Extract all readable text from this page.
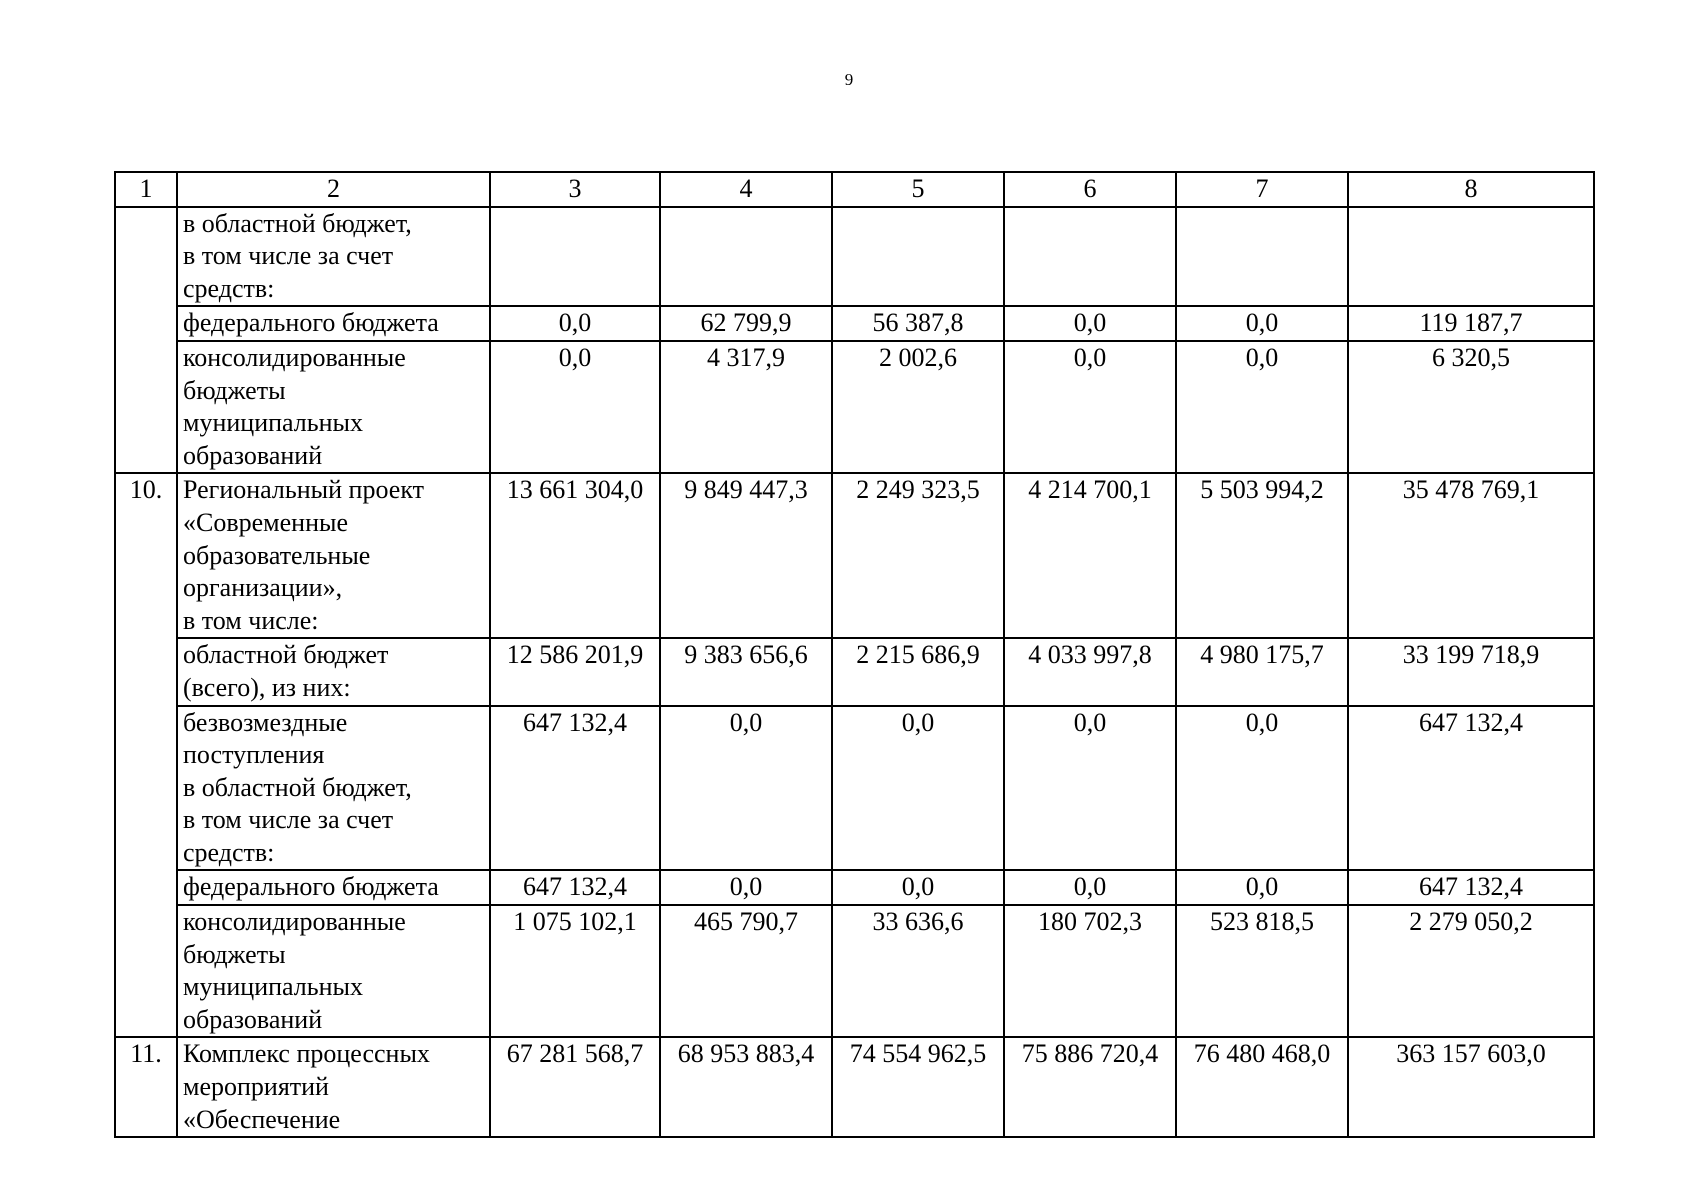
9
1	2	3	4	5	6	7	8

	в областной бюджет,
в том числе за счет
средств:						

	федерального бюджета	0,0	62 799,9	56 387,8	0,0	0,0	119 187,7

	консолидированные
бюджеты
муниципальных
образований	0,0	4 317,9	2 002,6	0,0	0,0	6 320,5
10.	Региональный проект
«Современные
образовательные
организации»,
в том числе:	13 661 304,0	9 849 447,3	2 249 323,5	4 214 700,1	5 503 994,2	35 478 769,1

	областной бюджет
(всего), из них:	12 586 201,9	9 383 656,6	2 215 686,9	4 033 997,8	4 980 175,7	33 199 718,9

	безвозмездные
поступления
в областной бюджет,
в том числе за счет
средств:	647 132,4	0,0	0,0	0,0	0,0	647 132,4

	федерального бюджета	647 132,4	0,0	0,0	0,0	0,0	647 132,4

	консолидированные
бюджеты
муниципальных
образований	1 075 102,1	465 790,7	33 636,6	180 702,3	523 818,5	2 279 050,2
11.	Комплекс процессных
мероприятий
«Обеспечение	67 281 568,7	68 953 883,4	74 554 962,5	75 886 720,4	76 480 468,0	363 157 603,0
